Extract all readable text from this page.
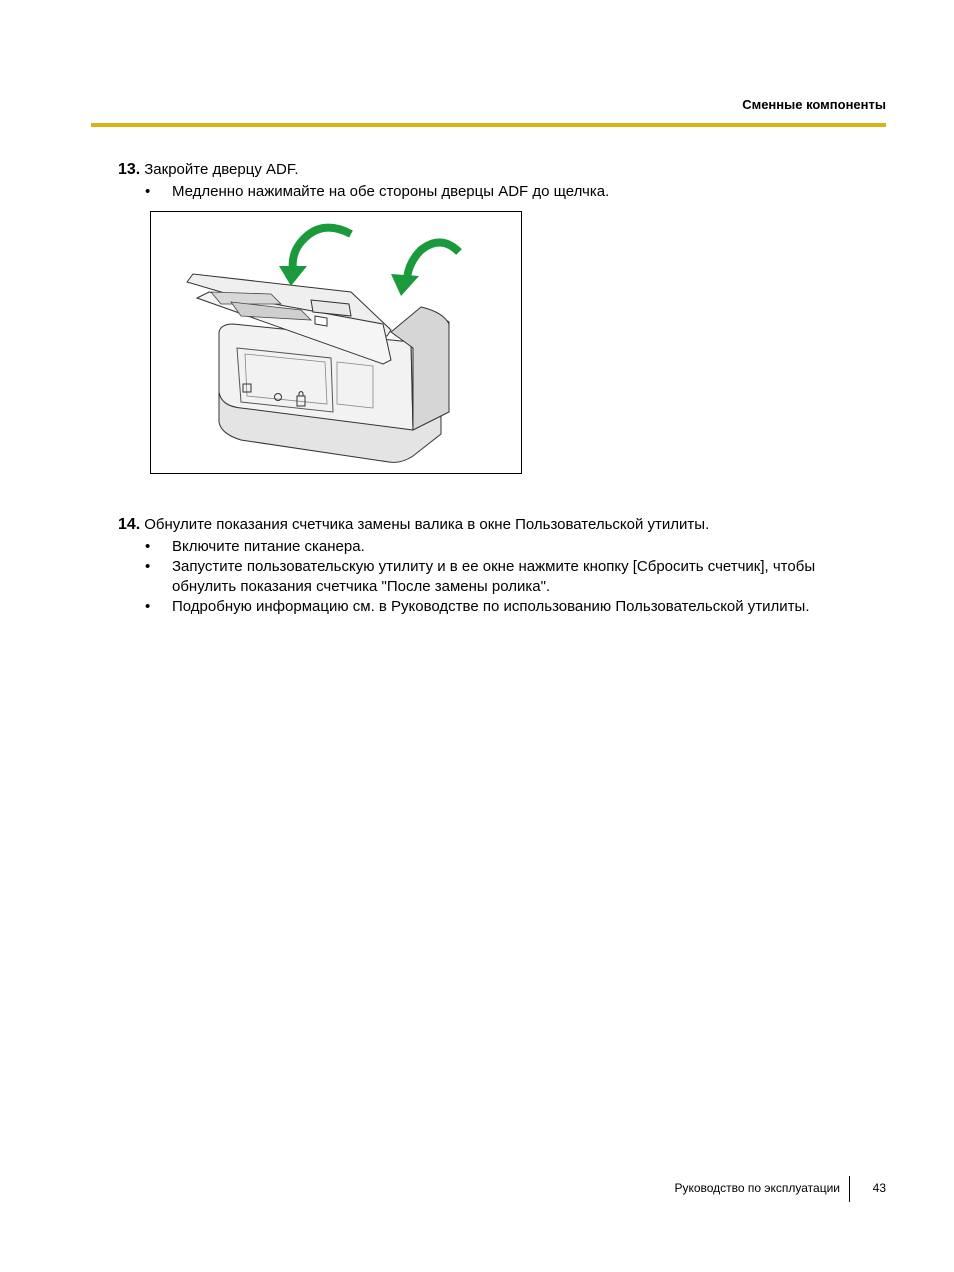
Сменные компоненты
13. Закройте дверцу ADF.
• Медленно нажимайте на обе стороны дверцы ADF до щелчка.
14. Обнулите показания счетчика замены валика в окне Пользовательской утилиты.
• Включите питание сканера.
• Запустите пользовательскую утилиту и в ее окне нажмите кнопку [Сбросить счетчик], чтобы обнулить показания счетчика "После замены ролика".
• Подробную информацию см. в Руководстве по использованию Пользовательской утилиты.
Руководство по эксплуатации	43
